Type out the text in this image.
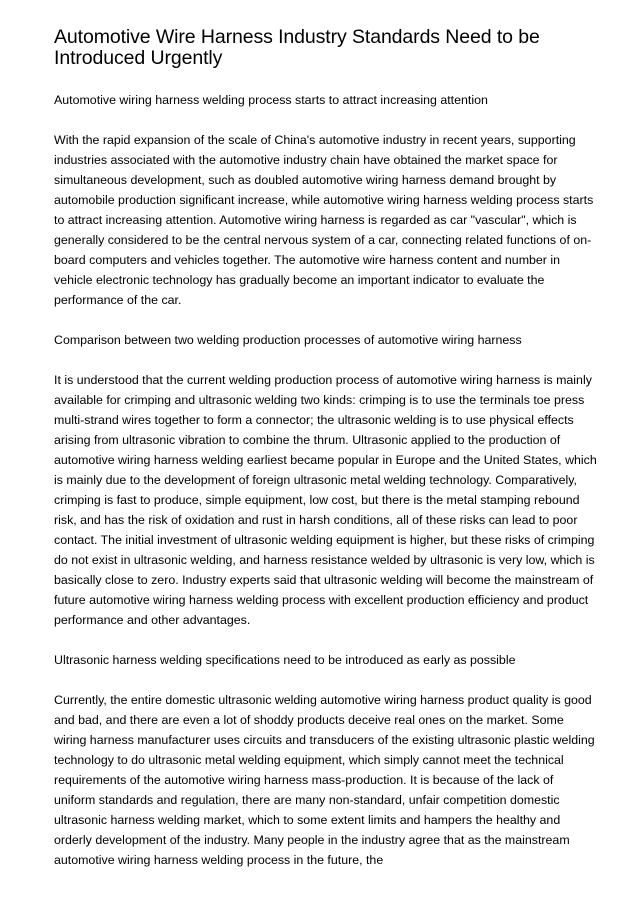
Automotive Wire Harness Industry Standards Need to be Introduced Urgently

Automotive wiring harness welding process starts to attract increasing attention

With the rapid expansion of the scale of China's automotive industry in recent years, supporting industries associated with the automotive industry chain have obtained the market space for simultaneous development, such as doubled automotive wiring harness demand brought by automobile production significant increase, while automotive wiring harness welding process starts to attract increasing attention. Automotive wiring harness is regarded as car "vascular", which is generally considered to be the central nervous system of a car, connecting related functions of on-board computers and vehicles together. The automotive wire harness content and number in vehicle electronic technology has gradually become an important indicator to evaluate the performance of the car.

Comparison between two welding production processes of automotive wiring harness

It is understood that the current welding production process of automotive wiring harness is mainly available for crimping and ultrasonic welding two kinds: crimping is to use the terminals toe press multi-strand wires together to form a connector; the ultrasonic welding is to use physical effects arising from ultrasonic vibration to combine the thrum. Ultrasonic applied to the production of automotive wiring harness welding earliest became popular in Europe and the United States, which is mainly due to the development of foreign ultrasonic metal welding technology. Comparatively, crimping is fast to produce, simple equipment, low cost, but there is the metal stamping rebound risk, and has the risk of oxidation and rust in harsh conditions, all of these risks can lead to poor contact. The initial investment of ultrasonic welding equipment is higher, but these risks of crimping do not exist in ultrasonic welding, and harness resistance welded by ultrasonic is very low, which is basically close to zero. Industry experts said that ultrasonic welding will become the mainstream of future automotive wiring harness welding process with excellent production efficiency and product performance and other advantages.

Ultrasonic harness welding specifications need to be introduced as early as possible

Currently, the entire domestic ultrasonic welding automotive wiring harness product quality is good and bad, and there are even a lot of shoddy products deceive real ones on the market. Some wiring harness manufacturer uses circuits and transducers of the existing ultrasonic plastic welding technology to do ultrasonic metal welding equipment, which simply cannot meet the technical requirements of the automotive wiring harness mass-production. It is because of the lack of uniform standards and regulation, there are many non-standard, unfair competition domestic ultrasonic harness welding market, which to some extent limits and hampers the healthy and orderly development of the industry. Many people in the industry agree that as the mainstream automotive wiring harness welding process in the future, the
